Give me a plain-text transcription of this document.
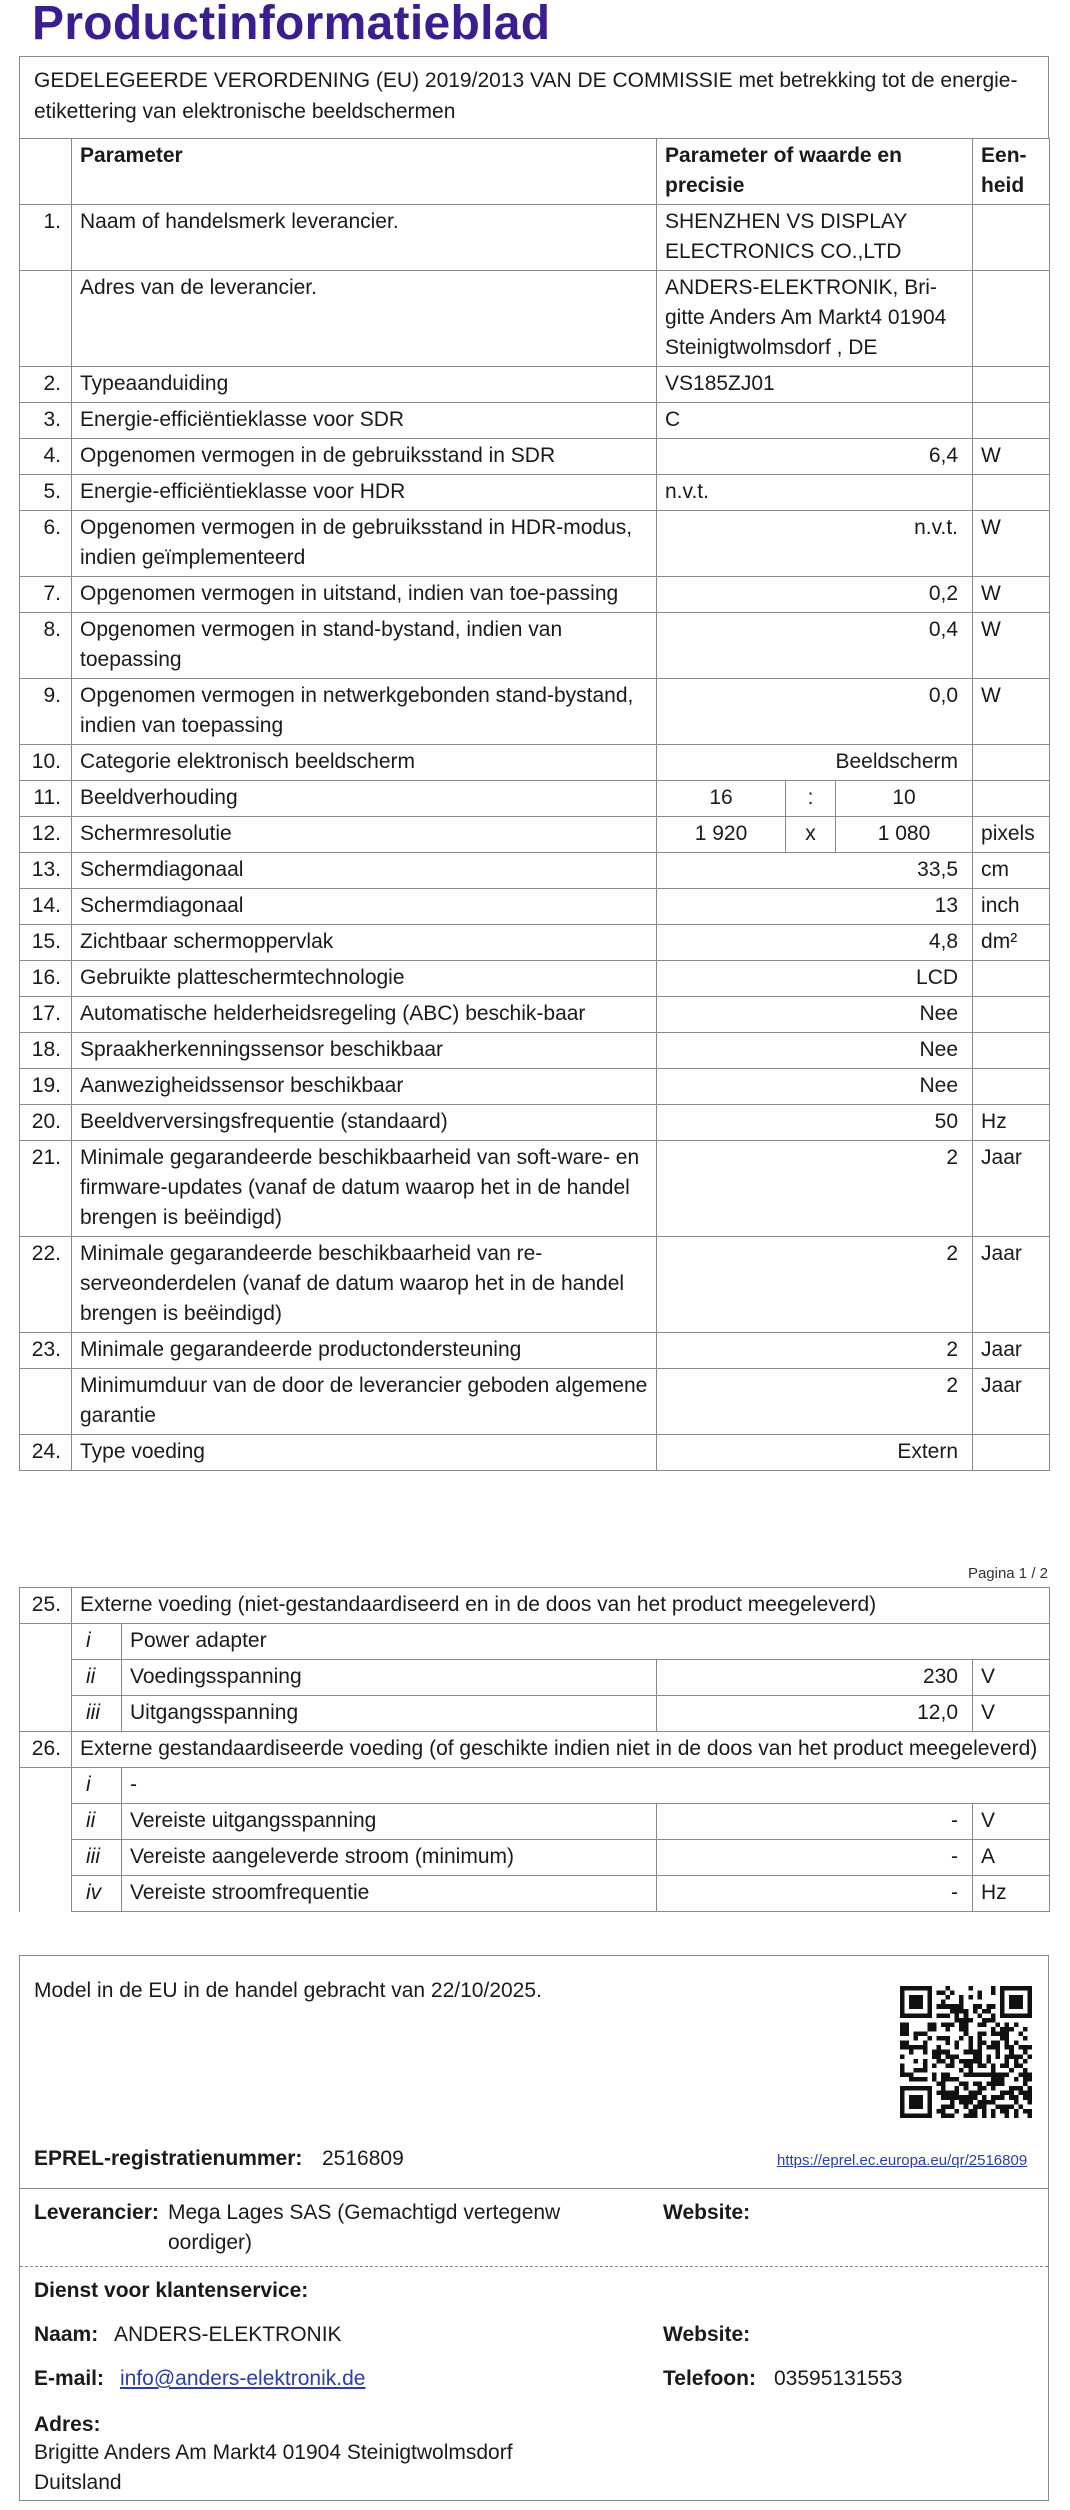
Productinformatieblad
GEDELEGEERDE VERORDENING (EU) 2019/2013 VAN DE COMMISSIE met betrekking tot de energie-etikettering van elektronische beeldschermen
	Parameter	Parameter of waarde en precisie			Een-heid
1.	Naam of handelsmerk leverancier.	SHENZHEN VS DISPLAY ELECTRONICS CO.,LTD			
	Adres van de leverancier.	ANDERS-ELEKTRONIK, Bri-gitte Anders Am Markt4 01904 Steinigtwolmsdorf , DE			
2.	Typeaanduiding	VS185ZJ01			
3.	Energie-efficiëntieklasse voor SDR	C			
4.	Opgenomen vermogen in de gebruiksstand in SDR	6,4			W
5.	Energie-efficiëntieklasse voor HDR	n.v.t.			
6.	Opgenomen vermogen in de gebruiksstand in HDR-modus, indien geïmplementeerd	n.v.t.			W
7.	Opgenomen vermogen in uitstand, indien van toe-passing	0,2			W
8.	Opgenomen vermogen in stand-bystand, indien van toepassing	0,4			W
9.	Opgenomen vermogen in netwerkgebonden stand-bystand, indien van toepassing	0,0			W
10.	Categorie elektronisch beeldscherm	Beeldscherm			
11.	Beeldverhouding	16	:	10	
12.	Schermresolutie	1 920	x	1 080	pixels
13.	Schermdiagonaal	33,5			cm
14.	Schermdiagonaal	13			inch
15.	Zichtbaar schermoppervlak	4,8			dm²
16.	Gebruikte platteschermtechnologie	LCD			
17.	Automatische helderheidsregeling (ABC) beschik-baar	Nee			
18.	Spraakherkenningssensor beschikbaar	Nee			
19.	Aanwezigheidssensor beschikbaar	Nee			
20.	Beeldverversingsfrequentie (standaard)	50			Hz
21.	Minimale gegarandeerde beschikbaarheid van soft-ware- en firmware-updates (vanaf de datum waarop het in de handel brengen is beëindigd)	2			Jaar
22.	Minimale gegarandeerde beschikbaarheid van re-serveonderdelen (vanaf de datum waarop het in de handel brengen is beëindigd)	2			Jaar
23.	Minimale gegarandeerde productondersteuning	2			Jaar
	Minimumduur van de door de leverancier geboden algemene garantie	2			Jaar
24.	Type voeding	Extern			
Pagina 1 / 2
25.	Externe voeding (niet-gestandaardiseerd en in de doos van het product meegeleverd)			
	i	Power adapter		
	ii	Voedingsspanning	230	V
	iii	Uitgangsspanning	12,0	V
26.	Externe gestandaardiseerde voeding (of geschikte indien niet in de doos van het product meegeleverd)			
	i	-		
	ii	Vereiste uitgangsspanning	-	V
	iii	Vereiste aangeleverde stroom (minimum)	-	A
	iv	Vereiste stroomfrequentie	-	Hz
Model in de EU in de handel gebracht van 22/10/2025.
EPREL-registratienummer: 2516809	https://eprel.ec.europa.eu/qr/2516809
Leverancier: Mega Lages SAS (Gemachtigd vertegenw oordiger)
Website:
Dienst voor klantenservice:
Naam: ANDERS-ELEKTRONIK	Website:
E-mail: info@anders-elektronik.de	Telefoon: 03595131553
Adres:
Brigitte Anders Am Markt4 01904 Steinigtwolmsdorf
Duitsland
